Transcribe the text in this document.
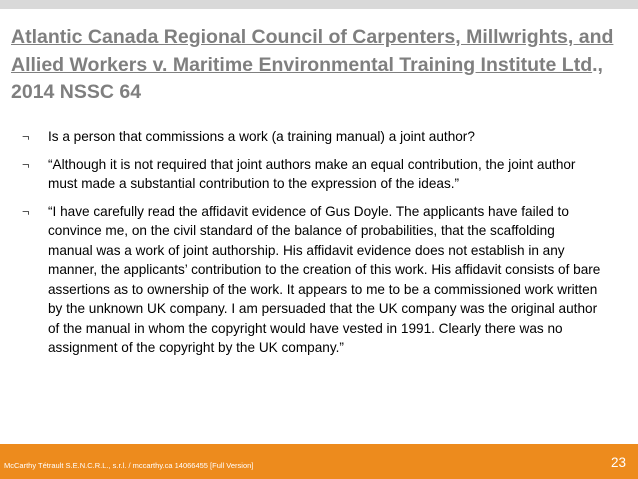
Atlantic Canada Regional Council of Carpenters, Millwrights, and Allied Workers v. Maritime Environmental Training Institute Ltd., 2014 NSSC 64
¬	Is a person that commissions a work (a training manual) a joint author?
¬	“Although it is not required that joint authors make an equal contribution, the joint author must made a substantial contribution to the expression of the ideas.”
¬	“I have carefully read the affidavit evidence of Gus Doyle. The applicants have failed to convince me, on the civil standard of the balance of probabilities, that the scaffolding manual was a work of joint authorship. His affidavit evidence does not establish in any manner, the applicants’ contribution to the creation of this work. His affidavit consists of bare assertions as to ownership of the work. It appears to me to be a commissioned work written by the unknown UK company. I am persuaded that the UK company was the original author of the manual in whom the copyright would have vested in 1991. Clearly there was no assignment of the copyright by the UK company.”
McCarthy Tétrault S.E.N.C.R.L., s.r.l. / mccarthy.ca 14066455 [Full Version]	23
